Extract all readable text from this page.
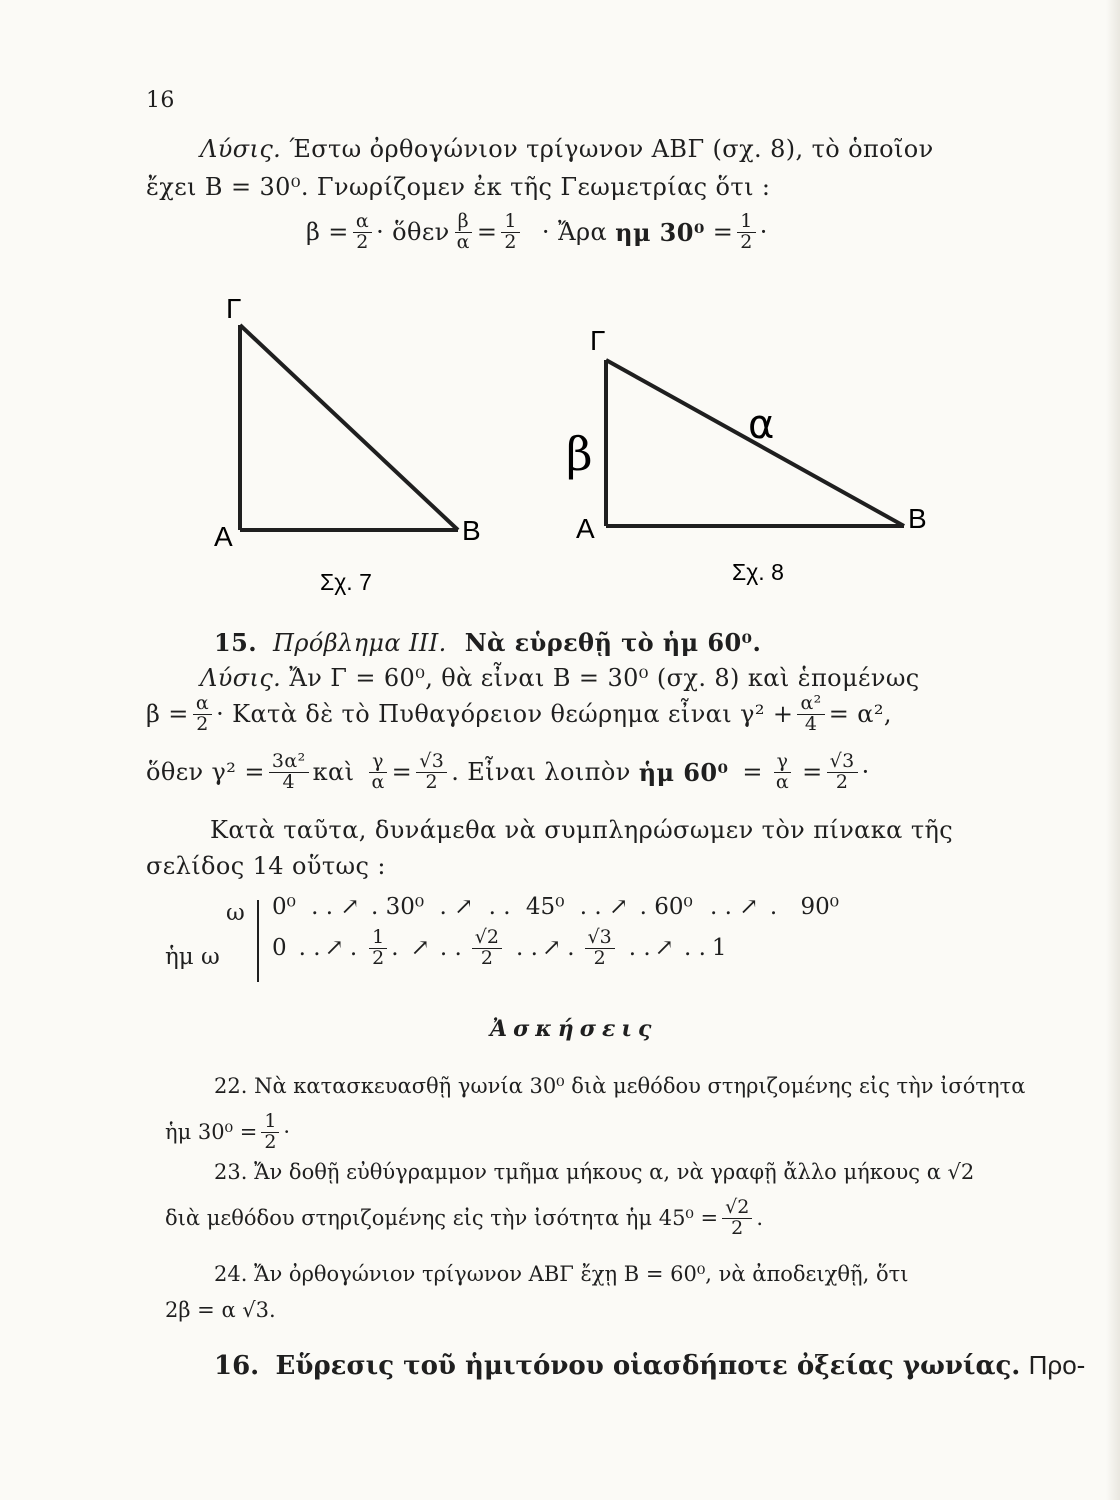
16
Λύσις. Έστω ὀρθογώνιον τρίγωνον ΑΒΓ (σχ. 8), τὸ ὁποῖον
ἔχει Β = 30⁰. Γνωρίζομεν ἐκ τῆς Γεωμετρίας ὅτι :
$\beta = \frac{\alpha}{2}$ · ὅθεν $\frac{\beta}{\alpha} = \frac{1}{2}$ · Ἄρα ημ $30^0 = \frac{1}{2}$ ·
Γ
Α	Β
Σχ. 7
Γ
Α	Β
β
α
Σχ. 8
15. Πρόβλημα ΙΙΙ. Νὰ εὑρεθῇ τὸ ἡμ 60⁰.
Λύσις. Ἄν Γ = 60⁰, θὰ εἶναι Β = 30⁰ (σχ. 8) καὶ ἑπομένως
$\beta = \frac{\alpha}{2}$ · Κατὰ δὲ τὸ Πυθαγόρειον θεώρημα εἶναι $\gamma^2 + \frac{\text{α²}}{4} = \alpha^2$,
ὅθεν $\gamma^2 = \frac{\text{3α²}}{4}$ καὶ $\frac{\gamma}{\alpha} = \frac{√3}{2}$ . Εἶναι λοιπὸν ἡμ $60^0 = \frac{\gamma}{\alpha} = \frac{√3}{2}$ ·
Κατὰ ταῦτα, δυνάμεθα νὰ συμπληρώσωμεν τὸν πίνακα τῆς
σελίδος 14 οὕτως :
ω
ἡμ ω
0⁰ . . ↗ . 30⁰ . ↗ . . 45⁰ . . ↗ . 60⁰ . . ↗ . 90⁰
0 . . ↗ . $\frac{1}{2}$ . ↗ . . $\frac{√2}{2}$ . . ↗ . $\frac{√3}{2}$ . . ↗ . . 1
Ἀσκήσεις
22. Νὰ κατασκευασθῇ γωνία 30⁰ διὰ μεθόδου στηριζομένης εἰς τὴν ἰσότητα
ἡμ $30^0 = \frac{1}{2}$ ·
23. Ἄν δοθῇ εὐθύγραμμον τμῆμα μήκους α, νὰ γραφῇ ἄλλο μήκους α √2
διὰ μεθόδου στηριζομένης εἰς τὴν ἰσότητα ἡμ $45^0 = \frac{√2}{2}$ .
24. Ἄν ὀρθογώνιον τρίγωνον ΑΒΓ ἔχῃ Β = 60⁰, νὰ ἀποδειχθῇ, ὅτι
2β = α √3.
16. Εὕρεσις τοῦ ἡμιτόνου οἱασδήποτε ὀξείας γωνίας. Προ-
